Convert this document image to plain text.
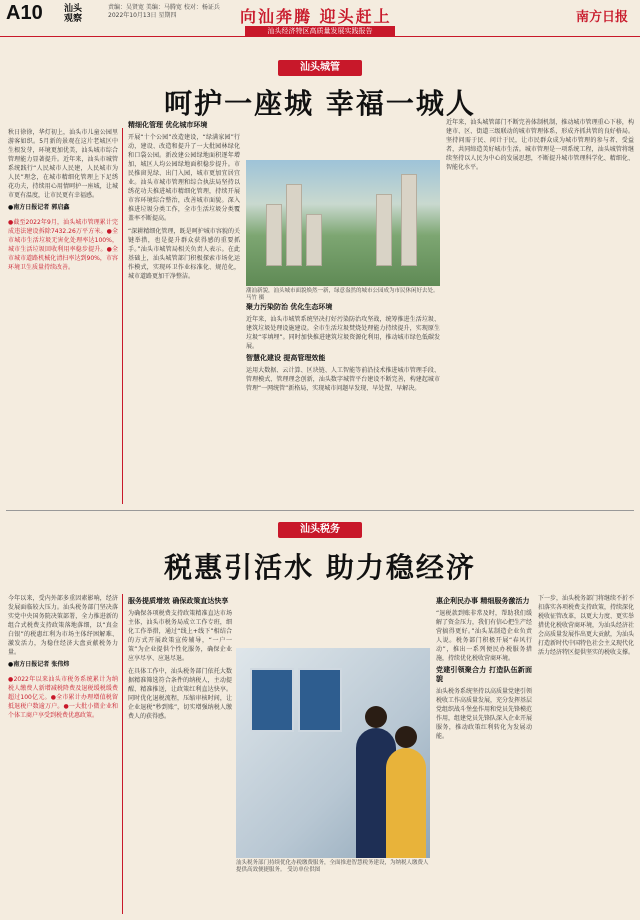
A10 汕头
观察
责编：吴贤宽 美编：马腾宽 校对：杨证兵
2022年10月13日 星期四	向汕奔腾 迎头赶上	南方日报
汕头经济特区高质量发展实践报告
汕头城管
呵护一座城 幸福一城人
秋日徐徐，华灯初上，汕头市儿童公园里游客如织。5月新的景观在这片老城区中生根发芽，环境更加优美，汕头城市综合管理能力显著提升。近年来，汕头市城管系统践行“人民城市人民建，人民城市为人民”理念，在城市精细化管理上下足绣花功夫，持续用心用情呵护一座城，让城市更有温度，让市民更有幸福感。
●南方日报记者 郭启鑫
●截至2022年9月，汕头城市管理累计完成违法建设拆除7432.26万平方米。●全市城市生活垃圾无害化处理率达100%，城市生活垃圾回收利用率稳步提升。●全市城市道路机械化清扫率达到90%，市容环境卫生质量持续改善。
精细化管理 优化城市环境
开展“十个公园”改造建设，“绿满家园”行动，建设、改造和提升了一大批园林绿化和口袋公园。新改建公园绿地面积逐年增加，城区人均公园绿地面积稳步提升。市民推窗见绿、出门入园，城市更加宜居宜业。汕头市城市管理和综合执法局坚持以绣花功夫推进城市精细化管理，持续开展市容环境综合整治，改善城市面貌。深入推进垃圾分类工作，全市生活垃圾分类覆盖率不断提高。
“深耕精细化管理，既是呵护城市容貌的关键举措，也是提升群众获得感的重要抓手。”汕头市城管局相关负责人表示。在此基础上，汕头城管部门积极探索市场化运作模式，实现环卫作业标准化、规范化，城市道路更加干净整洁。
潮汕新貌，汕头城市面貌焕然一新，绿意盎然的城市公园成为市民休闲好去处。 马竹 摄
聚力污染防治 优化生态环境
近年来，汕头市城管系统坚决打好污染防治攻坚战，统筹推进生活垃圾、建筑垃圾处理设施建设。全市生活垃圾焚烧处理能力持续提升，实现原生垃圾“零填埋”。同时加快推进建筑垃圾资源化利用，推动城市绿色低碳发展。
智慧化建设 提高管理效能
运用大数据、云计算、区块链、人工智能等前沿技术推进城市管理手段、管理模式、管理理念创新，汕头数字城管平台建设不断完善，构建起城市管理“一网统管”新格局，实现城市问题早发现、早处置、早解决。
近年来，汕头城管部门不断完善体制机制，推动城市管理重心下移，构建市、区、街道三级联动的城市管理体系，形成齐抓共管的良好格局。坚持问需于民、问计于民，让市民群众成为城市管理的参与者、受益者，共同缔造美好城市生活。城市管理是一项系统工程，汕头城管将继续坚持以人民为中心的发展思想，不断提升城市管理科学化、精细化、智能化水平。
汕头税务
税惠引活水 助力稳经济
今年以来，受内外部多重因素影响，经济发展面临较大压力。汕头税务部门坚决落实党中央国务院决策部署，全力推进新的组合式税费支持政策落地落细，以“真金白银”的税惠红利为市场主体纾困解难、激发活力，为稳住经济大盘贡献税务力量。
●南方日报记者 张伟炜
●2022年以来汕头市税务系统累计为纳税人缴费人新增减税降费及退税缓税缓费超过100亿元。●全市累计办理增值税留抵退税户数逾万户。●一大批小微企业和个体工商户享受到税费优惠政策。
服务提质增效 确保政策直达快享
为确保各项税费支持政策精准直达市场主体，汕头市税务局成立工作专班，细化工作举措，通过“线上+线下”相结合的方式开展政策宣传辅导，“一户一策”为企业提供个性化服务，确保企业应享尽享、应退尽退。
在具体工作中，汕头税务部门依托大数据精准筛选符合条件的纳税人，主动提醒、精准推送，让政策红利直达快享。同时优化退税流程，压缩审核时间，让企业退税“秒到账”，切实增强纳税人缴费人的获得感。
汕头税务部门持续优化办税缴费服务，全面推进智慧税务建设，为纳税人缴费人提供高效便捷服务。 受访单位供图
惠企利民办事 精细服务激活力
“退税款到账非常及时，帮助我们缓解了资金压力，我们有信心把生产经营搞得更好。”汕头某制造企业负责人说。税务部门积极开展“春风行动”，推出一系列便民办税服务措施，持续优化税收营商环境。
党建引领聚合力 打造队伍新面貌
汕头税务系统坚持以高质量党建引领税收工作高质量发展，充分发挥基层党组织战斗堡垒作用和党员先锋模范作用，组建党员先锋队深入企业开展服务，推动政策红利转化为发展动能。
下一步，汕头税务部门将继续不折不扣落实各项税费支持政策，持续深化税收征管改革，以更大力度、更实举措优化税收营商环境，为汕头经济社会高质量发展作出更大贡献，为汕头打造新时代中国特色社会主义现代化活力经济特区提供坚实的税收支撑。
